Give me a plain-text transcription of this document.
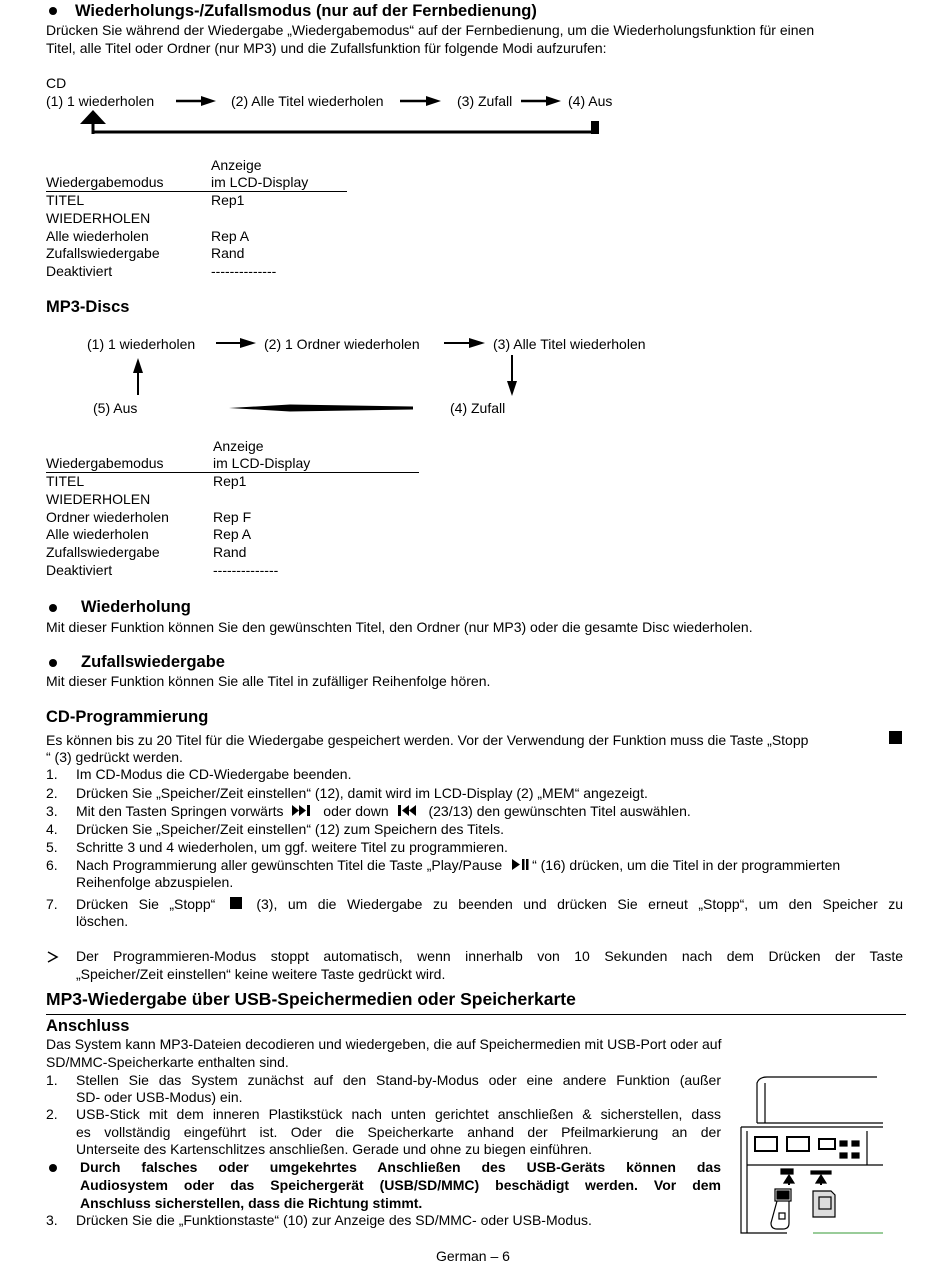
Wiederholungs-/Zufallsmodus (nur auf der Fernbedienung)
Drücken Sie während der Wiedergabe „Wiedergabemodus“ auf der Fernbedienung, um die Wiederholungsfunktion für einen
Titel, alle Titel oder Ordner (nur MP3) und die Zufallsfunktion für folgende Modi aufzurufen:
CD
(1) 1 wiederholen	(2) Alle Titel wiederholen	(3) Zufall	(4) Aus
Anzeige
Wiedergabemodus	im LCD-Display
TITEL	Rep1
WIEDERHOLEN
Alle wiederholen	Rep A
Zufallswiedergabe	Rand
Deaktiviert	--------------
MP3-Discs
(1) 1 wiederholen	(2) 1 Ordner wiederholen	(3) Alle Titel wiederholen
(4) Zufall
(5) Aus
Anzeige
Wiedergabemodus	im LCD-Display
TITEL	Rep1
WIEDERHOLEN
Ordner wiederholen	Rep F
Alle wiederholen	Rep A
Zufallswiedergabe	Rand
Deaktiviert	--------------
Wiederholung
Mit dieser Funktion können Sie den gewünschten Titel, den Ordner (nur MP3) oder die gesamte Disc wiederholen.
Zufallswiedergabe
Mit dieser Funktion können Sie alle Titel in zufälliger Reihenfolge hören.
CD-Programmierung
Es können bis zu 20 Titel für die Wiedergabe gespeichert werden. Vor der Verwendung der Funktion muss die Taste „Stopp
“ (3) gedrückt werden.
1.	Im CD-Modus die CD-Wiedergabe beenden.
2.	Drücken Sie „Speicher/Zeit einstellen“ (12), damit wird im LCD-Display (2) „MEM“ angezeigt.
3.	Mit den Tasten Springen vorwärts	oder down	(23/13) den gewünschten Titel auswählen.
4.	Drücken Sie „Speicher/Zeit einstellen“ (12) zum Speichern des Titels.
5.	Schritte 3 und 4 wiederholen, um ggf. weitere Titel zu programmieren.
6.	Nach Programmierung aller gewünschten Titel die Taste „Play/Pause “ (16) drücken, um die Titel in der programmierten
Reihenfolge abzuspielen.
7.	Drücken Sie „Stopp“	(3), um die Wiedergabe zu beenden und drücken Sie erneut „Stopp“, um den Speicher zu
löschen.
Der Programmieren-Modus stoppt automatisch, wenn innerhalb von 10 Sekunden nach dem Drücken der Taste
„Speicher/Zeit einstellen“ keine weitere Taste gedrückt wird.
MP3-Wiedergabe über USB-Speichermedien oder Speicherkarte
Anschluss
Das System kann MP3-Dateien decodieren und wiedergeben, die auf Speichermedien mit USB-Port oder auf
SD/MMC-Speicherkarte enthalten sind.
1.	Stellen Sie das System zunächst auf den Stand-by-Modus oder eine andere Funktion (außer
SD- oder USB-Modus) ein.
2.	USB-Stick mit dem inneren Plastikstück nach unten gerichtet anschließen & sicherstellen, dass
es vollständig eingeführt ist. Oder die Speicherkarte anhand der Pfeilmarkierung an der
Unterseite des Kartenschlitzes anschließen. Gerade und ohne zu biegen einführen.
Durch falsches oder umgekehrtes Anschließen des USB-Geräts können das
Audiosystem oder das Speichergerät (USB/SD/MMC) beschädigt werden. Vor dem
Anschluss sicherstellen, dass die Richtung stimmt.
3.	Drücken Sie die „Funktionstaste“ (10) zur Anzeige des SD/MMC- oder USB-Modus.
German – 6
